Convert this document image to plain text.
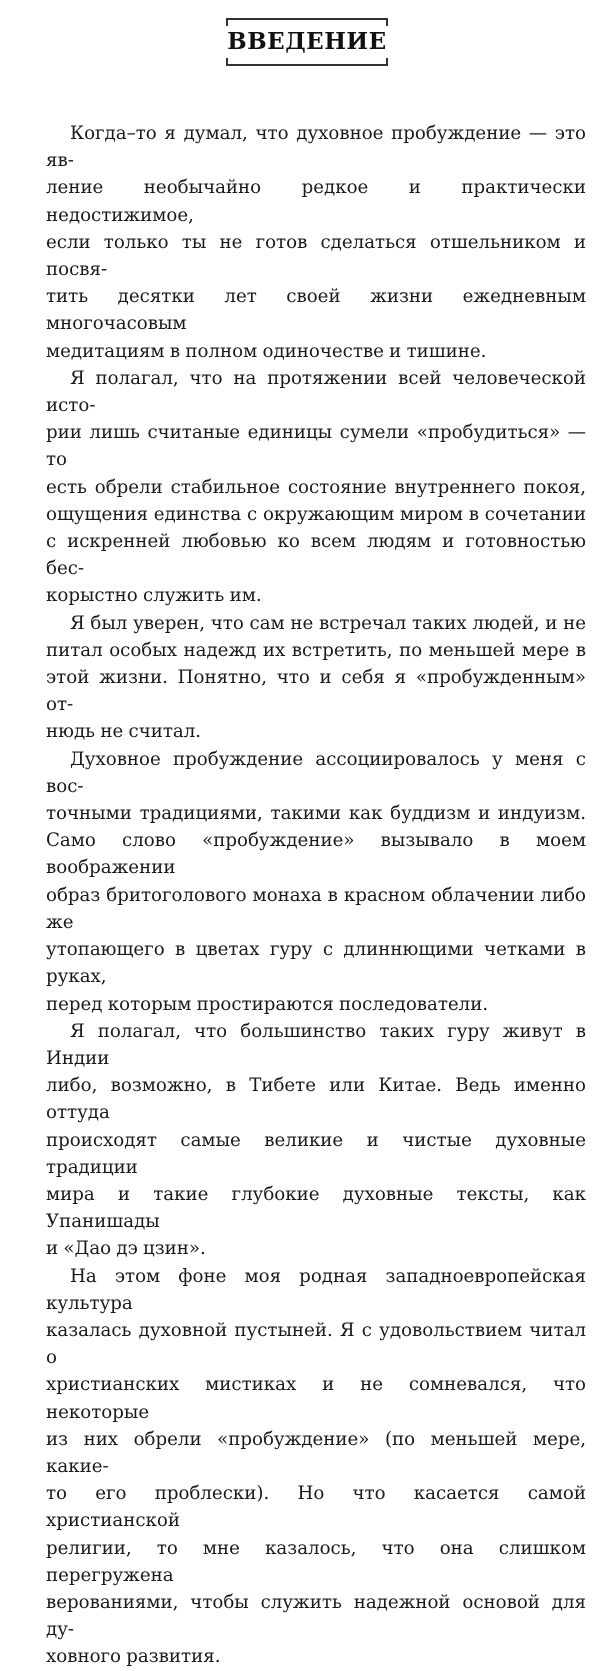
ВВЕДЕНИЕ
Когда–то я думал, что духовное пробуждение — это яв-
ление необычайно редкое и практически недостижимое,
если только ты не готов сделаться отшельником и посвя-
тить десятки лет своей жизни ежедневным многочасовым
медитациям в полном одиночестве и тишине.
Я полагал, что на протяжении всей человеческой исто-
рии лишь считаные единицы сумели «пробудиться» — то
есть обрели стабильное состояние внутреннего покоя,
ощущения единства с окружающим миром в сочетании
с искренней любовью ко всем людям и готовностью бес-
корыстно служить им.
Я был уверен, что сам не встречал таких людей, и не
питал особых надежд их встретить, по меньшей мере в
этой жизни. Понятно, что и себя я «пробужденным» от-
нюдь не считал.
Духовное пробуждение ассоциировалось у меня с вос-
точными традициями, такими как буддизм и индуизм.
Само слово «пробуждение» вызывало в моем воображении
образ бритоголового монаха в красном облачении либо же
утопающего в цветах гуру с длиннющими четками в руках,
перед которым простираются последователи.
Я полагал, что большинство таких гуру живут в Индии
либо, возможно, в Тибете или Китае. Ведь именно оттуда
происходят самые великие и чистые духовные традиции
мира и такие глубокие духовные тексты, как Упанишады
и «Дао дэ цзин».
На этом фоне моя родная западноевропейская культура
казалась духовной пустыней. Я с удовольствием читал о
христианских мистиках и не сомневался, что некоторые
из них обрели «пробуждение» (по меньшей мере, какие-
то его проблески). Но что касается самой христианской
религии, то мне казалось, что она слишком перегружена
верованиями, чтобы служить надежной основой для ду-
ховного развития.
